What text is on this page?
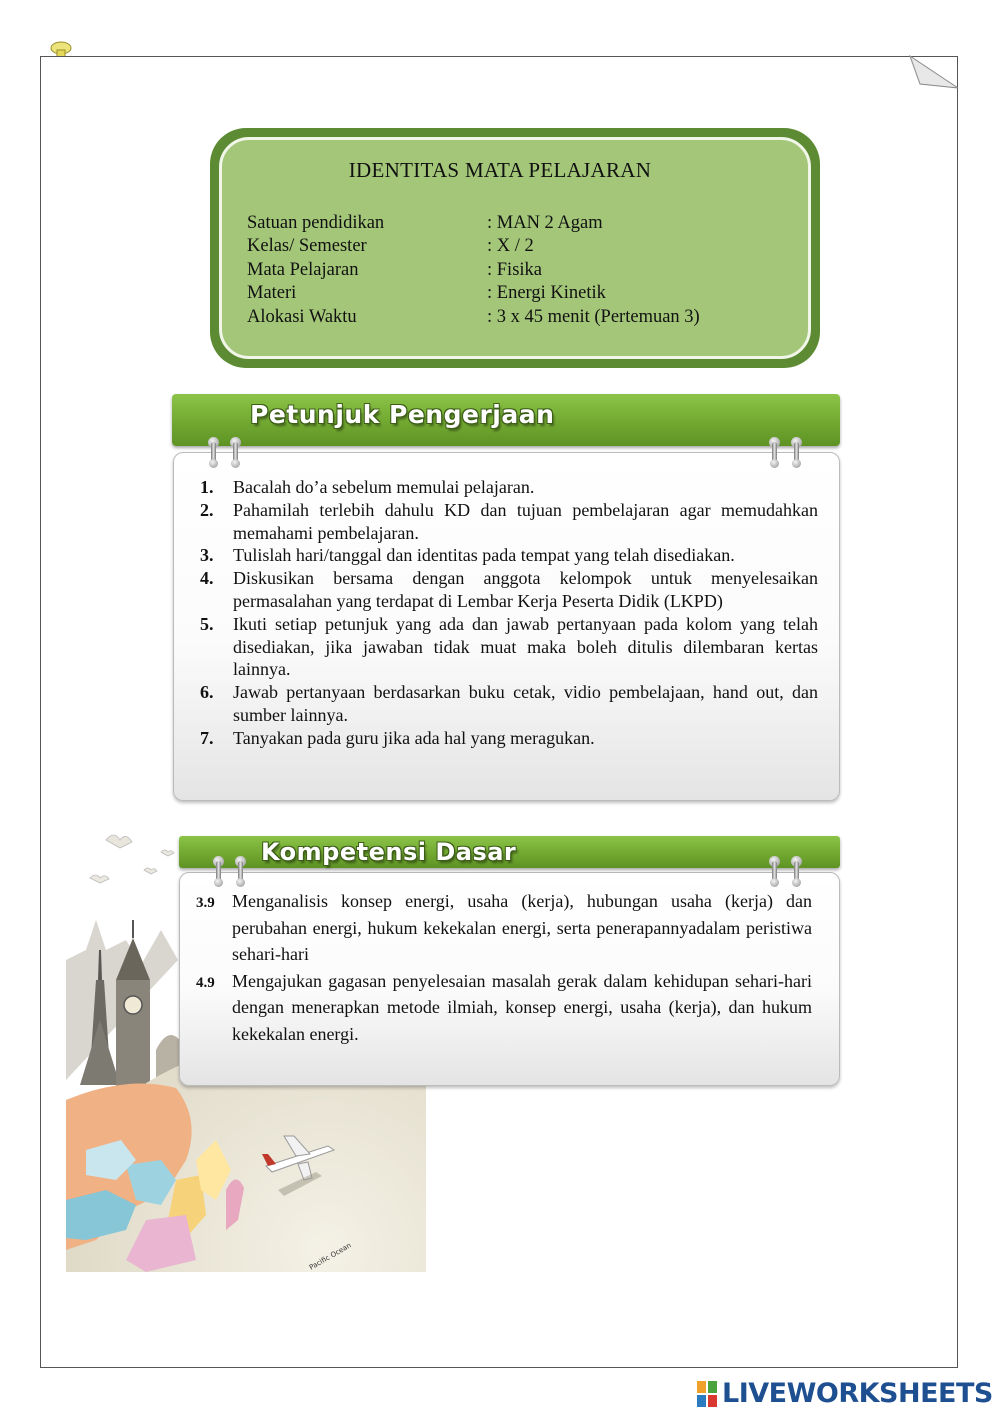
IDENTITAS MATA PELAJARAN
Satuan pendidikan	: MAN 2 Agam
Kelas/ Semester	: X / 2
Mata Pelajaran	: Fisika
Materi	: Energi Kinetik
Alokasi Waktu	: 3 x 45 menit (Pertemuan 3)
Petunjuk Pengerjaan
1.	Bacalah do’a sebelum memulai pelajaran.
2.	Pahamilah terlebih dahulu KD dan tujuan pembelajaran agar memudahkan memahami pembelajaran.
3.	Tulislah hari/tanggal dan identitas pada tempat yang telah disediakan.
4.	Diskusikan bersama dengan anggota kelompok untuk menyelesaikan permasalahan yang terdapat di Lembar Kerja Peserta Didik (LKPD)
5.	Ikuti setiap petunjuk yang ada dan jawab pertanyaan pada kolom yang telah disediakan, jika jawaban tidak muat maka boleh ditulis dilembaran kertas lainnya.
6.	Jawab pertanyaan berdasarkan buku cetak, vidio pembelajaan, hand out, dan sumber lainnya.
7.	Tanyakan pada guru jika ada hal yang meragukan.
Pacific Ocean
Kompetensi Dasar
3.9 Menganalisis konsep energi, usaha (kerja), hubungan usaha (kerja) dan perubahan energi, hukum kekekalan energi, serta penerapannyadalam peristiwa sehari-hari
4.9 Mengajukan gagasan penyelesaian masalah gerak dalam kehidupan sehari-hari dengan menerapkan metode ilmiah, konsep energi, usaha (kerja), dan hukum kekekalan energi.
LIVEWORKSHEETS
